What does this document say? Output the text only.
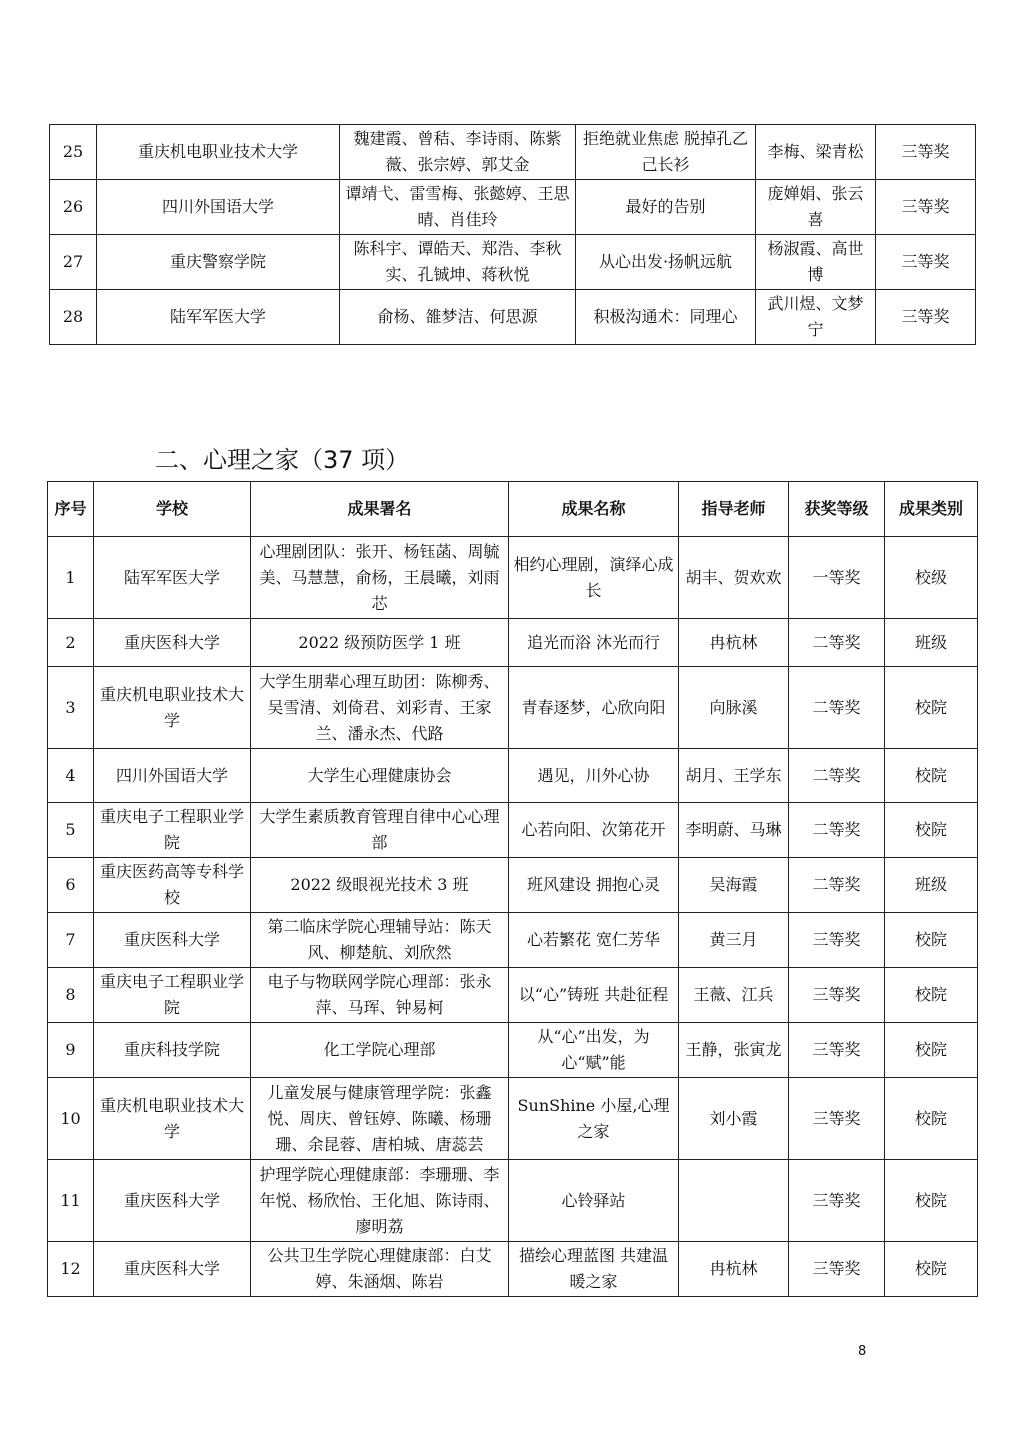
25	重庆机电职业技术大学	魏建霞、曾秸、李诗雨、陈紫薇、张宗婷、郭艾金	拒绝就业焦虑 脱掉孔乙己长衫	李梅、梁青松	三等奖
26	四川外国语大学	谭靖弋、雷雪梅、张懿婷、王思晴、肖佳玲	最好的告别	庞婵娟、张云喜	三等奖
27	重庆警察学院	陈科宇、谭皓天、郑浩、李秋实、孔铖坤、蒋秋悦	从心出发·扬帆远航	杨淑霞、高世博	三等奖
28	陆军军医大学	俞杨、雒梦洁、何思源	积极沟通术：同理心	武川煜、文梦宁	三等奖
二、心理之家（37 项）
序号	学校	成果署名	成果名称	指导老师	获奖等级	成果类别
1	陆军军医大学	心理剧团队：张开、杨钰菡、周毓美、马慧慧，俞杨，王晨曦，刘雨芯	相约心理剧，演绎心成长	胡丰、贺欢欢	一等奖	校级
2	重庆医科大学	2022 级预防医学 1 班	追光而浴 沐光而行	冉杭林	二等奖	班级
3	重庆机电职业技术大学	大学生朋辈心理互助团：陈柳秀、吴雪清、刘倚君、刘彩青、王家兰、潘永杰、代路	青春逐梦，心欣向阳	向脉溪	二等奖	校院
4	四川外国语大学	大学生心理健康协会	遇见，川外心协	胡月、王学东	二等奖	校院
5	重庆电子工程职业学院	大学生素质教育管理自律中心心理部	心若向阳、次第花开	李明蔚、马琳	二等奖	校院
6	重庆医药高等专科学校	2022 级眼视光技术 3 班	班风建设 拥抱心灵	吴海霞	二等奖	班级
7	重庆医科大学	第二临床学院心理辅导站：陈天风、柳楚航、刘欣然	心若繁花 宽仁芳华	黄三月	三等奖	校院
8	重庆电子工程职业学院	电子与物联网学院心理部：张永萍、马珲、钟易柯	以“心”铸班 共赴征程	王薇、江兵	三等奖	校院
9	重庆科技学院	化工学院心理部	从“心”出发，为心“赋”能	王静，张寅龙	三等奖	校院
10	重庆机电职业技术大学	儿童发展与健康管理学院：张鑫悦、周庆、曾钰婷、陈曦、杨珊珊、余昆蓉、唐柏城、唐蕊芸	SunShine 小屋,心理之家	刘小霞	三等奖	校院
11	重庆医科大学	护理学院心理健康部：李珊珊、李年悦、杨欣怡、王化旭、陈诗雨、廖明荔	心铃驿站		三等奖	校院
12	重庆医科大学	公共卫生学院心理健康部：白艾婷、朱涵烟、陈岩	描绘心理蓝图 共建温暖之家	冉杭林	三等奖	校院
8
